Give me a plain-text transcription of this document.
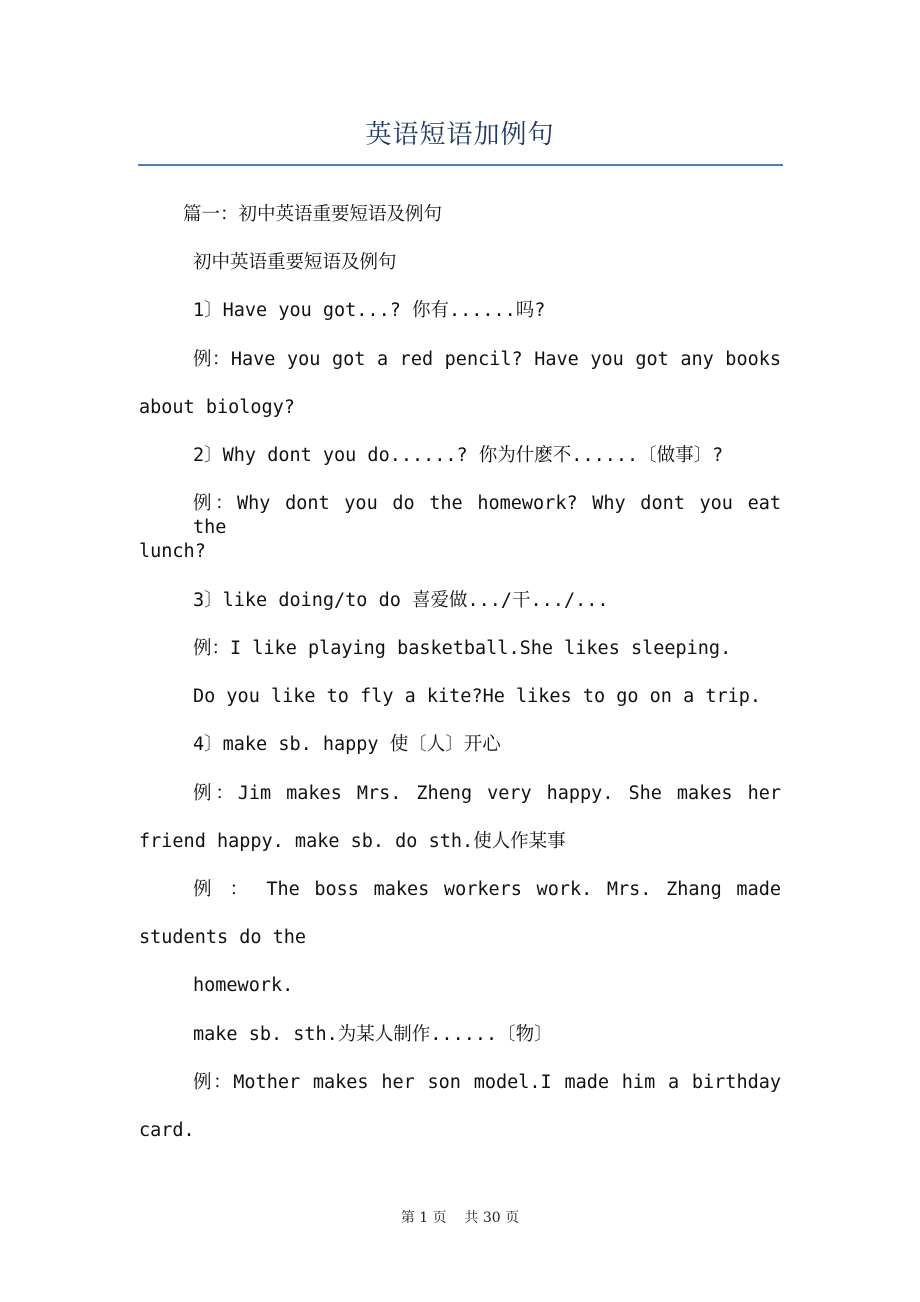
英语短语加例句
篇一：初中英语重要短语及例句
初中英语重要短语及例句
1〕Have you got...? 你有......吗?
例：Have you got a red pencil? Have you got any books
about biology?
2〕Why dont you do......? 你为什麽不......〔做事〕?
例：Why dont you do the homework? Why dont you eat the
lunch?
3〕like doing/to do 喜爱做.../干.../...
例：I like playing basketball.She likes sleeping.
Do you like to fly a kite?He likes to go on a trip.
4〕make sb. happy 使〔人〕开心
例：Jim makes Mrs. Zheng very happy. She makes her
friend happy. make sb. do sth.使人作某事
例 ： The boss makes workers work. Mrs. Zhang made
students do the
homework.
make sb. sth.为某人制作......〔物〕
例：Mother makes her son model.I made him a birthday
card.
第 1 页    共 30 页
